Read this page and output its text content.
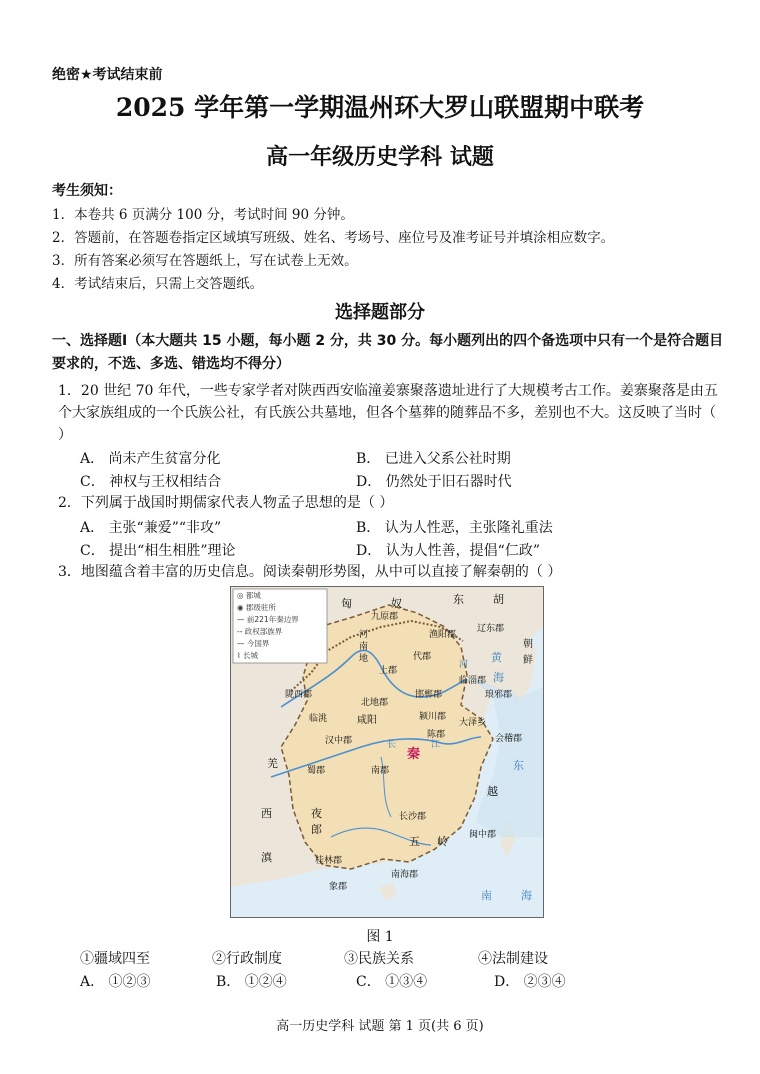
绝密★考试结束前
2025 学年第一学期温州环大罗山联盟期中联考
高一年级历史学科 试题
考生须知：
1．本卷共 6 页满分 100 分，考试时间 90 分钟。
2．答题前，在答题卷指定区域填写班级、姓名、考场号、座位号及准考证号并填涂相应数字。
3．所有答案必须写在答题纸上，写在试卷上无效。
4．考试结束后，只需上交答题纸。
选择题部分
一、选择题Ⅰ（本大题共 15 小题，每小题 2 分，共 30 分。每小题列出的四个备选项中只有一个是符合题目要求的，不选、多选、错选均不得分）
1．20 世纪 70 年代，一些专家学者对陕西西安临潼姜寨聚落遗址进行了大规模考古工作。姜寨聚落是由五个大家族组成的一个氏族公社，有氏族公共墓地，但各个墓葬的随葬品不多，差别也不大。这反映了当时（ ）
A． 尚未产生贫富分化	B． 已进入父系公社时期
C． 神权与王权相结合	D． 仍然处于旧石器时代
2．下列属于战国时期儒家代表人物孟子思想的是（ ）
A． 主张“兼爱”“非攻”	B． 认为人性恶，主张隆礼重法
C． 提出“相生相胜”理论	D． 认为人性善，提倡“仁政”
3．地图蕴含着丰富的历史信息。阅读秦朝形势图，从中可以直接了解秦朝的（ ）
◎ 都城
◉ 郡级驻所
— 前221年秦边界
-- 政权部族界
— 今国界
⌇ 长城
匈	奴	东	胡
九原郡
渔阳郡
辽东郡
朝
鲜
代郡
河
南
地
上郡
邯郸郡
临淄郡
琅邪郡
陇西郡
北地郡
咸阳	颍川郡
大泽乡
陈郡	会稽郡
临洮
汉中郡
秦
羌
蜀郡	南郡
长沙郡
闽中郡
西	夜
郎
滇	桂林郡
南海郡
象郡
五 岭
越
海
东
南	海
黄
长	江
河
图 1
①疆域四至	②行政制度	③民族关系	④法制建设
A． ①②③	B． ①②④	C． ①③④	D． ②③④
高一历史学科 试题 第 1 页(共 6 页)
